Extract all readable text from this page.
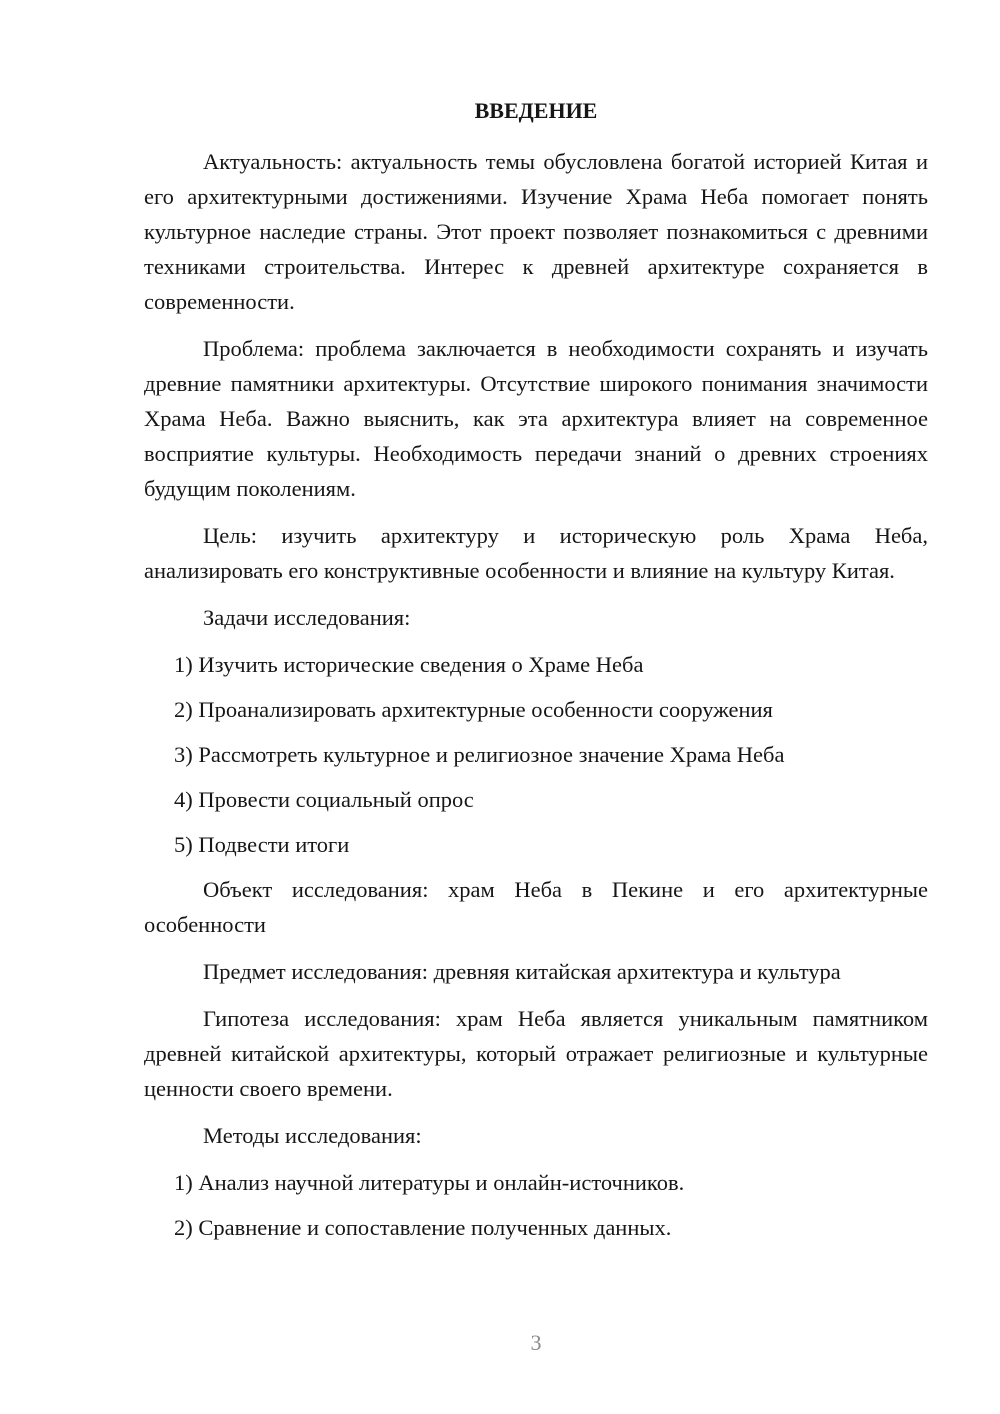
ВВЕДЕНИЕ

Актуальность: актуальность темы обусловлена богатой историей Китая и его архитектурными достижениями. Изучение Храма Неба помогает понять культурное наследие страны. Этот проект позволяет познакомиться с древними техниками строительства. Интерес к древней архитектуре сохраняется в современности.

Проблема: проблема заключается в необходимости сохранять и изучать древние памятники архитектуры. Отсутствие широкого понимания значимости Храма Неба. Важно выяснить, как эта архитектура влияет на современное восприятие культуры. Необходимость передачи знаний о древних строениях будущим поколениям.

Цель: изучить архитектуру и историческую роль Храма Неба, анализировать его конструктивные особенности и влияние на культуру Китая.

Задачи исследования:

1) Изучить исторические сведения о Храме Неба
2) Проанализировать архитектурные особенности сооружения
3) Рассмотреть культурное и религиозное значение Храма Неба
4) Провести социальный опрос
5) Подвести итоги

Объект исследования: храм Неба в Пекине и его архитектурные особенности

Предмет исследования: древняя китайская архитектура и культура

Гипотеза исследования: храм Неба является уникальным памятником древней китайской архитектуры, который отражает религиозные и культурные ценности своего времени.

Методы исследования:

1) Анализ научной литературы и онлайн-источников.
2) Сравнение и сопоставление полученных данных.
3
